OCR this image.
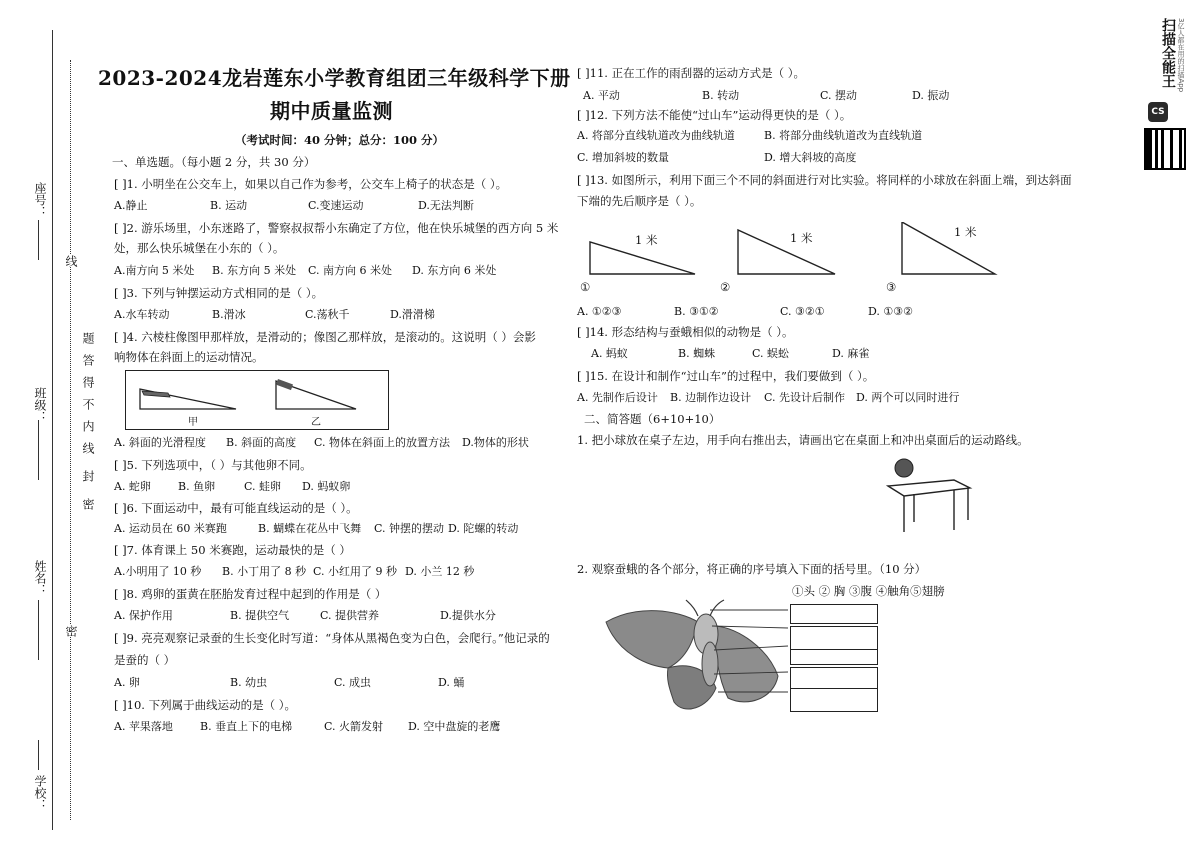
座号：
班级：
姓名：
学校：
线
密
题
答
得
不
内
线
封
密
2023-2024龙岩莲东小学教育组团三年级科学下册
期中质量监测
（考试时间：40 分钟；总分：100 分）
一、单选题。（每小题 2 分，共 30 分）
[ ]1. 小明坐在公交车上，如果以自己作为参考，公交车上椅子的状态是（ ）。
A.静止	B. 运动	C.变速运动	D.无法判断
[ ]2. 游乐场里，小东迷路了，警察叔叔帮小东确定了方位，他在快乐城堡的西方向 5 米
处，那么快乐城堡在小东的（ ）。
A.南方向 5 米处 B. 东方向 5 米处 C. 南方向 6 米处 D. 东方向 6 米处
[ ]3. 下列与钟摆运动方式相同的是（ ）。
A.水车转动	B.滑冰	C.荡秋千	D.滑滑梯
[ ]4. 六棱柱像图甲那样放，是滑动的；像图乙那样放，是滚动的。这说明（ ）会影
响物体在斜面上的运动情况。
甲	乙
A. 斜面的光滑程度 B. 斜面的高度 C. 物体在斜面上的放置方法 D.物体的形状
[ ]5. 下列选项中，（ ）与其他卵不同。
A. 蛇卵 B. 鱼卵	C. 蛙卵 D. 蚂蚁卵
[ ]6. 下面运动中，最有可能直线运动的是（ ）。
A. 运动员在 60 米赛跑	B. 蝴蝶在花丛中飞舞 C. 钟摆的摆动 D. 陀螺的转动
[ ]7. 体育课上 50 米赛跑，运动最快的是（ ）
A.小明用了 10 秒 B. 小丁用了 8 秒 C. 小红用了 9 秒 D. 小兰 12 秒
[ ]8. 鸡卵的蛋黄在胚胎发育过程中起到的作用是（ ）
A. 保护作用	B. 提供空气	C. 提供营养	D.提供水分
[ ]9. 亮亮观察记录蚕的生长变化时写道：“身体从黑褐色变为白色，会爬行。”他记录的
是蚕的（ ）
A. 卵	B. 幼虫	C. 成虫	D. 蛹
[ ]10. 下列属于曲线运动的是（ ）。
A. 苹果落地 B. 垂直上下的电梯	C. 火箭发射 D. 空中盘旋的老鹰
[ ]11. 正在工作的雨刮器的运动方式是（ ）。
A. 平动	B. 转动	C. 摆动	D. 振动
[ ]12. 下列方法不能使“过山车”运动得更快的是（ ）。
A. 将部分直线轨道改为曲线轨道	B. 将部分曲线轨道改为直线轨道
C. 增加斜坡的数量	D. 增大斜坡的高度
[ ]13. 如图所示，利用下面三个不同的斜面进行对比实验。将同样的小球放在斜面上端，到达斜面
下端的先后顺序是（ ）。
1 米	1 米	1 米
①	②	③
A. ①②③	B. ③①②	C. ③②①	D. ①③②
[ ]14. 形态结构与蚕蛾相似的动物是（ ）。
A. 蚂蚁	B. 蜘蛛	C. 蜈蚣	D. 麻雀
[ ]15. 在设计和制作“过山车”的过程中，我们要做到（ ）。
A. 先制作后设计 B. 边制作边设计 C. 先设计后制作 D. 两个可以同时进行
二、简答题（6+10+10）
1. 把小球放在桌子左边，用手向右推出去，请画出它在桌面上和冲出桌面后的运动路线。
2. 观察蚕蛾的各个部分，将正确的序号填入下面的括号里。（10 分）
①头 ② 胸 ③腹 ④触角⑤翅膀
扫描全能王 3亿人都在用的扫描App
CS
